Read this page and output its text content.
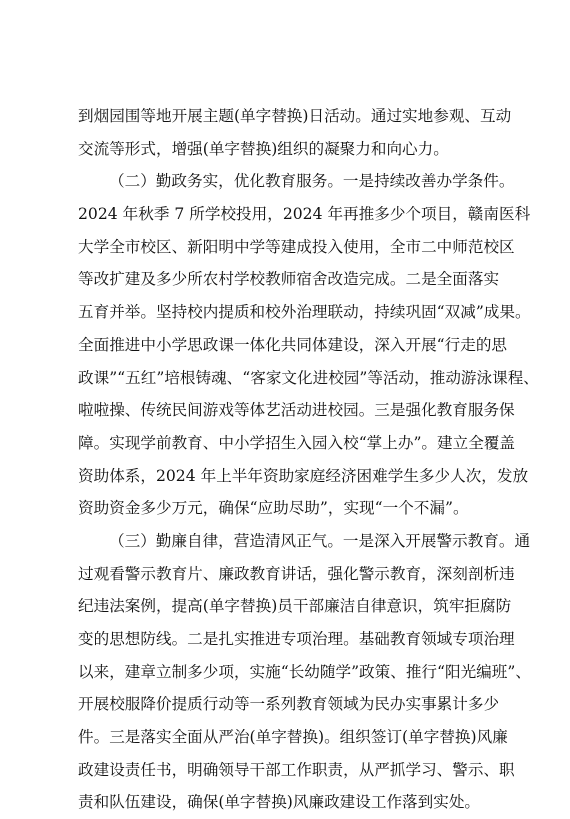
到烟园围等地开展主题(单字替换)日活动。通过实地参观、互动
交流等形式，增强(单字替换)组织的凝聚力和向心力。
（二）勤政务实，优化教育服务。一是持续改善办学条件。
2024 年秋季 7 所学校投用，2024 年再推多少个项目，赣南医科
大学全市校区、新阳明中学等建成投入使用，全市二中师范校区
等改扩建及多少所农村学校教师宿舍改造完成。二是全面落实
五育并举。坚持校内提质和校外治理联动，持续巩固“双减”成果。
全面推进中小学思政课一体化共同体建设，深入开展“行走的思
政课”“五红”培根铸魂、“客家文化进校园”等活动，推动游泳课程、
啦啦操、传统民间游戏等体艺活动进校园。三是强化教育服务保
障。实现学前教育、中小学招生入园入校“掌上办”。建立全覆盖
资助体系，2024 年上半年资助家庭经济困难学生多少人次，发放
资助资金多少万元，确保“应助尽助”，实现“一个不漏”。
（三）勤廉自律，营造清风正气。一是深入开展警示教育。通
过观看警示教育片、廉政教育讲话，强化警示教育，深刻剖析违
纪违法案例，提高(单字替换)员干部廉洁自律意识，筑牢拒腐防
变的思想防线。二是扎实推进专项治理。基础教育领域专项治理
以来，建章立制多少项，实施“长幼随学”政策、推行“阳光编班”、
开展校服降价提质行动等一系列教育领域为民办实事累计多少
件。三是落实全面从严治(单字替换)。组织签订(单字替换)风廉
政建设责任书，明确领导干部工作职责，从严抓学习、警示、职
责和队伍建设，确保(单字替换)风廉政建设工作落到实处。
